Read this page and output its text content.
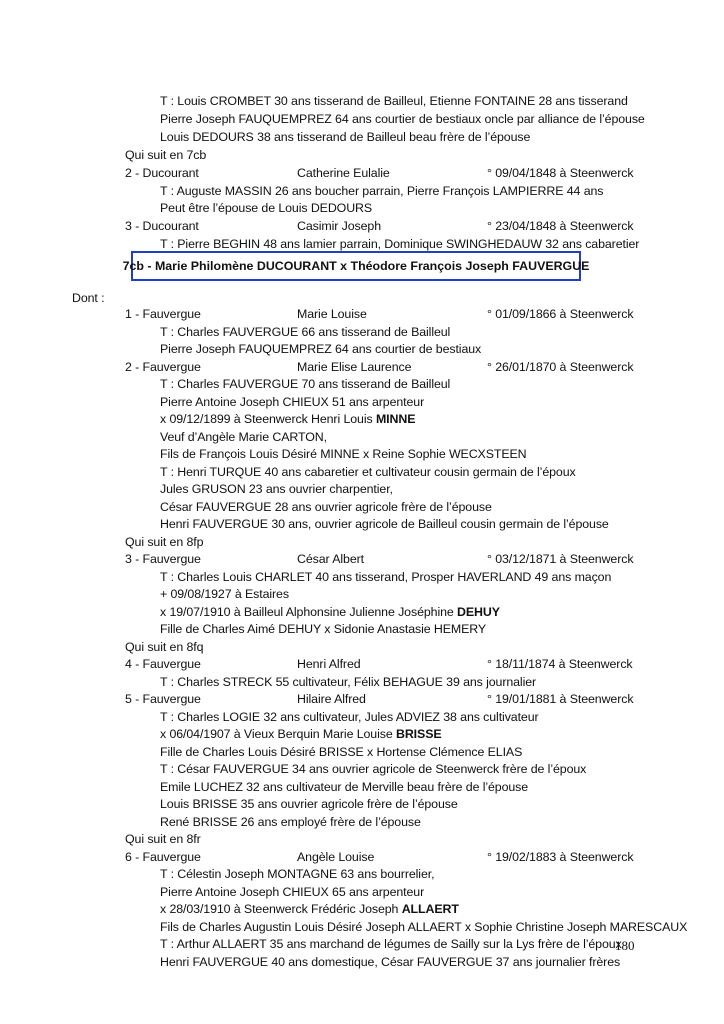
T : Louis CROMBET 30 ans tisserand de Bailleul, Etienne FONTAINE 28 ans tisserand
Pierre Joseph FAUQUEMPREZ 64 ans courtier de bestiaux oncle par alliance de l’épouse
Louis DEDOURS 38 ans tisserand de Bailleul beau frère de l’épouse
Qui suit en 7cb
2 - Ducourant	Catherine Eulalie	° 09/04/1848 à Steenwerck
T : Auguste MASSIN 26 ans boucher parrain, Pierre François LAMPIERRE 44 ans
Peut être l’épouse de Louis DEDOURS
3 - Ducourant	Casimir Joseph	° 23/04/1848 à Steenwerck
T : Pierre BEGHIN 48 ans lamier parrain, Dominique SWINGHEDAUW 32 ans cabaretier
7cb - Marie Philomène DUCOURANT x Théodore François Joseph FAUVERGUE
Dont :
1 - Fauvergue	Marie Louise	° 01/09/1866 à Steenwerck
T : Charles FAUVERGUE 66 ans tisserand de Bailleul
Pierre Joseph FAUQUEMPREZ 64 ans courtier de bestiaux
2 - Fauvergue	Marie Elise Laurence	° 26/01/1870 à Steenwerck
T : Charles FAUVERGUE 70 ans tisserand de Bailleul
Pierre Antoine Joseph CHIEUX 51 ans arpenteur
x 09/12/1899 à Steenwerck Henri Louis MINNE
Veuf d’Angèle Marie CARTON,
Fils de François Louis Désiré MINNE x Reine Sophie WECXSTEEN
T : Henri TURQUE 40 ans cabaretier et cultivateur cousin germain de l’époux
Jules GRUSON 23 ans ouvrier charpentier,
César FAUVERGUE 28 ans ouvrier agricole frère de l’épouse
Henri FAUVERGUE 30 ans, ouvrier agricole de Bailleul cousin germain de l’épouse
Qui suit en 8fp
3 - Fauvergue	César Albert	° 03/12/1871 à Steenwerck
T : Charles Louis CHARLET 40 ans tisserand, Prosper HAVERLAND 49 ans maçon
+ 09/08/1927 à Estaires
x 19/07/1910 à Bailleul Alphonsine Julienne Joséphine DEHUY
Fille de Charles Aimé DEHUY x Sidonie Anastasie HEMERY
Qui suit en 8fq
4 - Fauvergue	Henri Alfred	° 18/11/1874 à Steenwerck
T : Charles STRECK 55 cultivateur, Félix BEHAGUE 39 ans journalier
5 - Fauvergue	Hilaire Alfred	° 19/01/1881 à Steenwerck
T : Charles LOGIE 32 ans cultivateur, Jules ADVIEZ 38 ans cultivateur
x 06/04/1907 à Vieux Berquin Marie Louise BRISSE
Fille de Charles Louis Désiré BRISSE x Hortense Clémence ELIAS
T : César FAUVERGUE 34 ans ouvrier agricole de Steenwerck frère de l’époux
Emile LUCHEZ 32 ans cultivateur de Merville beau frère de l’épouse
Louis BRISSE 35 ans ouvrier agricole frère de l’épouse
René BRISSE 26 ans employé frère de l’épouse
Qui suit en 8fr
6 - Fauvergue	Angèle Louise	° 19/02/1883 à Steenwerck
T : Célestin Joseph MONTAGNE 63 ans bourrelier,
Pierre Antoine Joseph CHIEUX 65 ans arpenteur
x 28/03/1910 à Steenwerck Frédéric Joseph ALLAERT
Fils de Charles Augustin Louis Désiré Joseph ALLAERT x Sophie Christine Joseph MARESCAUX
T : Arthur ALLAERT 35 ans marchand de légumes de Sailly sur la Lys frère de l’époux
Henri FAUVERGUE 40 ans domestique, César FAUVERGUE 37 ans journalier frères
180
